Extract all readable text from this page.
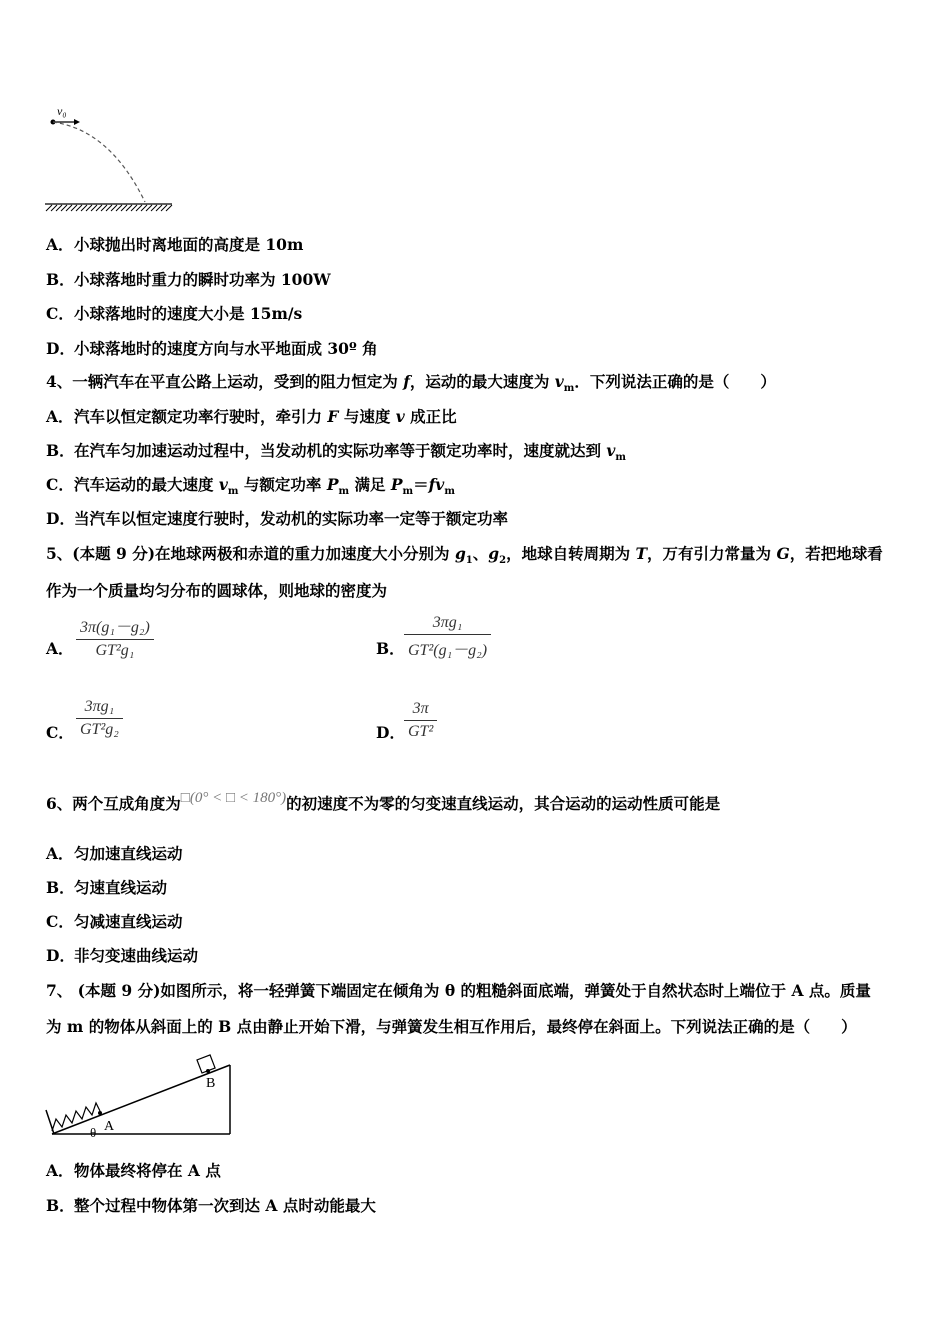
v₀
A．小球抛出时离地面的高度是 10m
B．小球落地时重力的瞬时功率为 100W
C．小球落地时的速度大小是 15m/s
D．小球落地时的速度方向与水平地面成 30º 角
4、一辆汽车在平直公路上运动，受到的阻力恒定为 f，运动的最大速度为 $v_m$．下列说法正确的是（　　）
A．汽车以恒定额定功率行驶时，牵引力 F 与速度 v 成正比
B．在汽车匀加速运动过程中，当发动机的实际功率等于额定功率时，速度就达到 $v_m$
C．汽车运动的最大速度 $v_m$ 与额定功率 $P_m$ 满足 $P_m=fv_m$
D．当汽车以恒定速度行驶时，发动机的实际功率一定等于额定功率
5、(本题 9 分)在地球两极和赤道的重力加速度大小分别为 $g_1$、$g_2$，地球自转周期为 T，万有引力常量为 G，若把地球看
作为一个质量均匀分布的圆球体，则地球的密度为
A． $\frac{\text{3π(g₁－g₂)}}{\text{GT²g₁}}$	B． $\frac{\text{3πg₁}}{\text{GT²(g₁－g₂)}}$
C． $\frac{\text{3πg₁}}{\text{GT²g₂}}$	D． $\frac{3\pi}{\text{GT²}}$
6、两个互成角度为□(0° < □ < 180°)的初速度不为零的匀变速直线运动，其合运动的运动性质可能是
A．匀加速直线运动
B．匀速直线运动
C．匀减速直线运动
D．非匀变速曲线运动
7、 (本题 9 分)如图所示，将一轻弹簧下端固定在倾角为 θ 的粗糙斜面底端，弹簧处于自然状态时上端位于 A 点。质量
为 m 的物体从斜面上的 B 点由静止开始下滑，与弹簧发生相互作用后，最终停在斜面上。下列说法正确的是（　　）
A
θ
B
A．物体最终将停在 A 点
B．整个过程中物体第一次到达 A 点时动能最大
